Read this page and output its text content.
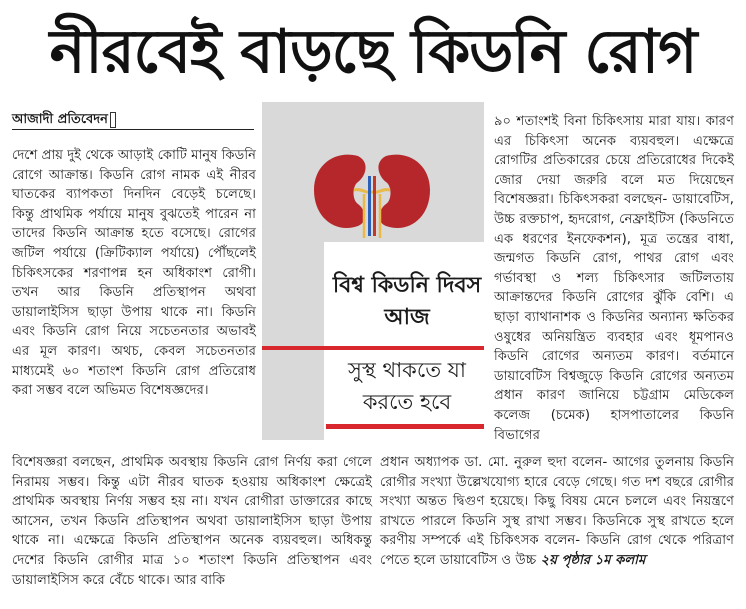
নীরবেই বাড়ছে কিডনি রোগ
আজাদী প্রতিবেদন

দেশে প্রায় দুই থেকে আড়াই কোটি মানুষ কিডনি রোগে আক্রান্ত। কিডনি রোগ নামক এই নীরব ঘাতকের ব্যাপকতা দিনদিন বেড়েই চলেছে। কিন্তু প্রাথমিক পর্যায়ে মানুষ বুঝতেই পারেন না তাদের কিডনি আক্রান্ত হতে বসেছে। রোগের জটিল পর্যায়ে (ক্রিটিক্যাল পর্যায়ে) পৌঁছলেই চিকিৎসকের শরণাপন্ন হন অধিকাংশ রোগী। তখন আর কিডনি প্রতিস্থাপন অথবা ডায়ালাইসিস ছাড়া উপায় থাকে না। কিডনি এবং কিডনি রোগ নিয়ে সচেতনতার অভাবই এর মূল কারণ। অথচ, কেবল সচেতনতার মাধ্যমেই ৬০ শতাংশ কিডনি রোগ প্রতিরোধ করা সম্ভব বলে অভিমত বিশেষজ্ঞদের।

৯০ শতাংশই বিনা চিকিৎসায় মারা যায়। কারণ এর চিকিৎসা অনেক ব্যয়বহুল। এক্ষেত্রে রোগটির প্রতিকারের চেয়ে প্রতিরোধের দিকেই জোর দেয়া জরুরি বলে মত দিয়েছেন বিশেষজ্ঞরা। চিকিৎসকরা বলছেন- ডায়াবেটিস, উচ্চ রক্তচাপ, হৃদরোগ, নেফ্রাইটিস (কিডনিতে এক ধরণের ইনফেকশন), মূত্র তন্ত্রের বাধা, জন্মগত কিডনি রোগ, পাথর রোগ এবং গর্ভাবস্থা ও শল্য চিকিৎসার জটিলতায় আক্রান্তদের কিডনি রোগের ঝুঁকি বেশি। এ ছাড়া ব্যাথানাশক ও কিডনির অন্যান্য ক্ষতিকর ওষুধের অনিয়ন্ত্রিত ব্যবহার এবং ধূমপানও কিডনি রোগের অন্যতম কারণ। বর্তমানে ডায়াবেটিস বিশ্বজুড়ে কিডনি রোগের অন্যতম প্রধান কারণ জানিয়ে চট্টগ্রাম মেডিকেল কলেজ (চমেক) হাসপাতালের কিডনি বিভাগের

বিশ্ব কিডনি দিবস আজ
সুস্থ থাকতে যা করতে হবে

বিশেষজ্ঞরা বলছেন, প্রাথমিক অবস্থায় কিডনি রোগ নির্ণয় করা গেলে নিরাময় সম্ভব। কিন্তু এটা নীরব ঘাতক হওয়ায় অধিকাংশ ক্ষেত্রেই প্রাথমিক অবস্থায় নির্ণয় সম্ভব হয় না। যখন রোগীরা ডাক্তারের কাছে আসেন, তখন কিডনি প্রতিস্থাপন অথবা ডায়ালাইসিস ছাড়া উপায় থাকে না। এক্ষেত্রে কিডনি প্রতিস্থাপন অনেক ব্যয়বহুল। অধিকন্তু দেশের কিডনি রোগীর মাত্র ১০ শতাংশ কিডনি প্রতিস্থাপন এবং ডায়ালাইসিস করে বেঁচে থাকে। আর বাকি

প্রধান অধ্যাপক ডা. মো. নুরুল হুদা বলেন- আগের তুলনায় কিডনি রোগীর সংখ্যা উল্লেখযোগ্য হারে বেড়ে গেছে। গত দশ বছরে রোগীর সংখ্যা অন্তত দ্বিগুণ হয়েছে। কিছু বিষয় মেনে চললে এবং নিয়ন্ত্রণে রাখতে পারলে কিডনি সুস্থ রাখা সম্ভব। কিডনিকে সুস্থ রাখতে হলে করণীয় সম্পর্কে এই চিকিৎসক বলেন- কিডনি রোগ থেকে পরিত্রাণ পেতে হলে ডায়াবেটিস ও উচ্চ ২য় পৃষ্ঠার ১ম কলাম
